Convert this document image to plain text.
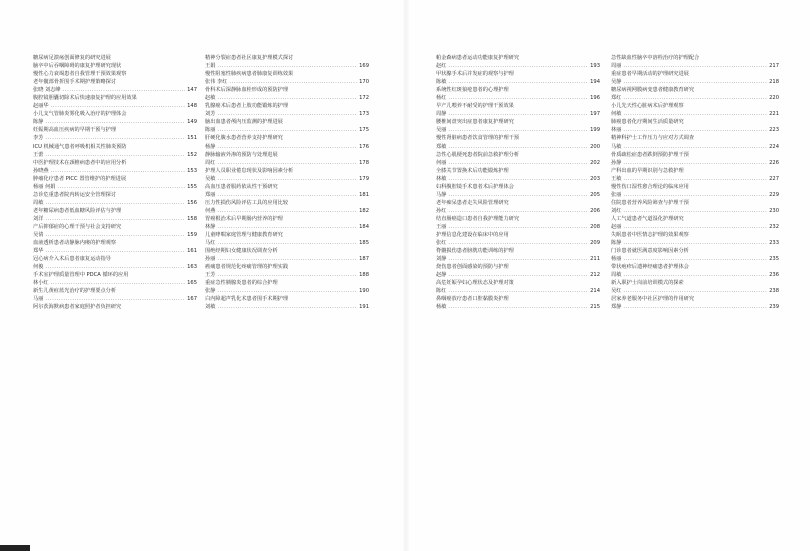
糖尿病足溃疡创面修复的研究进展
脑卒中后吞咽障碍的康复护理研究现状
慢性心力衰竭患者自我管理干预效果观察
老年髋部骨折围手术期护理策略探讨
张晓 刘志峰 .....	147
腹腔镜胆囊切除术后快速康复护理的应用效果
赵丽华 .....	148
小儿支气管肺炎雾化吸入治疗的护理体会
陈静 .....	149
妊娠期高血压疾病的早期干预与护理
李芳 .....	151
ICU 机械通气患者呼吸机相关性肺炎预防
王蕾 .....	152
中医护理技术在颈椎病患者中的应用分析
孙晓燕 .....	153
肿瘤化疗患者 PICC 置管维护的护理进展
杨丽 何娟 .....	155
急诊危重患者院内转运安全管理探讨
周敏 .....	156
老年糖尿病患者低血糖风险评估与护理
刘洋 .....	158
产后抑郁症的心理干预与社会支持研究
吴倩 .....	159
血液透析患者动静脉内瘘的护理观察
郑华 .....	161
冠心病介入术后患者康复运动指导
何俊 .....	163
手术室护理质量管理中 PDCA 循环的应用
林小红 .....	165
新生儿黄疸蓝光治疗的护理要点分析
马丽 .....	167
阿尔茨海默病患者家庭照护者负担研究
精神分裂症患者社区康复护理模式探讨
王娟 .....	169
慢性阻塞性肺疾病患者肺康复训练效果
张伟 李红 .....	170
骨科术后深静脉血栓形成的预防护理
赵敏 .....	172
乳腺癌术后患者上肢功能锻炼的护理
刘芳 .....	173
脑出血患者颅内压监测的护理进展
陈丽 .....	175
肝硬化腹水患者营养支持护理研究
杨静 .....	176
静脉输液外渗的预防与处理进展
周红 .....	178
护理人员职业倦怠现状及影响因素分析
吴敏 .....	179
高血压患者服药依从性干预研究
郑丽 .....	181
压力性损伤风险评估工具的应用比较
何燕 .....	182
胃癌根治术后早期肠内营养的护理
林静 .....	184
儿童哮喘家庭管理与健康教育研究
马红 .....	185
围绝经期妇女健康状况调查分析
孙丽 .....	187
癌痛患者规范化疼痛管理的护理实践
王芳 .....	188
重症急性胰腺炎患者的综合护理
张静 .....	190
白内障超声乳化术患者围手术期护理
刘敏 .....	191
帕金森病患者运动功能康复护理研究
赵红 .....	193
甲状腺手术后并发症的观察与护理
陈敏 .....	194
系统性红斑狼疮患者的心理护理
杨红 .....	196
早产儿喂养不耐受的护理干预效果
周静 .....	197
腰椎间盘突出症患者康复护理研究
吴丽 .....	199
慢性肾脏病患者饮食管理的护理干预
郑敏 .....	200
急性心肌梗死患者院前急救护理分析
何丽 .....	202
全膝关节置换术后功能锻炼护理
林敏 .....	203
妇科腹腔镜手术患者术后护理体会
马静 .....	205
老年痴呆患者走失风险管理研究
孙红 .....	206
结直肠癌造口患者自我护理能力研究
王丽 .....	208
护理信息化建设在临床中的应用
张红 .....	209
脊髓损伤患者膀胱功能训练的护理
刘静 .....	211
烧伤患者创面感染的预防与护理
赵静 .....	212
高危妊娠孕妇心理状态及护理对策
陈红 .....	214
鼻咽癌放疗患者口腔黏膜炎护理
杨敏 .....	215
急性缺血性脑卒中溶栓治疗的护理配合
周丽 .....	217
重症患者早期活动的护理研究进展
吴静 .....	218
糖尿病视网膜病变患者健康教育研究
郑红 .....	220
小儿先天性心脏病术后护理观察
何敏 .....	221
肺癌患者化疗期间生活质量研究
林丽 .....	223
精神科护士工作压力与应对方式调查
马敏 .....	224
骨质疏松症患者跌倒预防护理干预
孙静 .....	226
产科出血的早期识别与急救护理
王敏 .....	227
慢性伤口湿性愈合理论的临床应用
张丽 .....	229
住院患者营养风险筛查与护理干预
刘红 .....	230
人工气道患者气道湿化护理研究
赵丽 .....	232
失眠患者中医情志护理的效果观察
陈静 .....	233
门诊患者就医满意度影响因素分析
杨丽 .....	235
带状疱疹后遗神经痛患者护理体会
周敏 .....	236
新入职护士岗前培训模式的探索
吴红 .....	238
居家养老服务中社区护理的作用研究
郑静 .....	239
